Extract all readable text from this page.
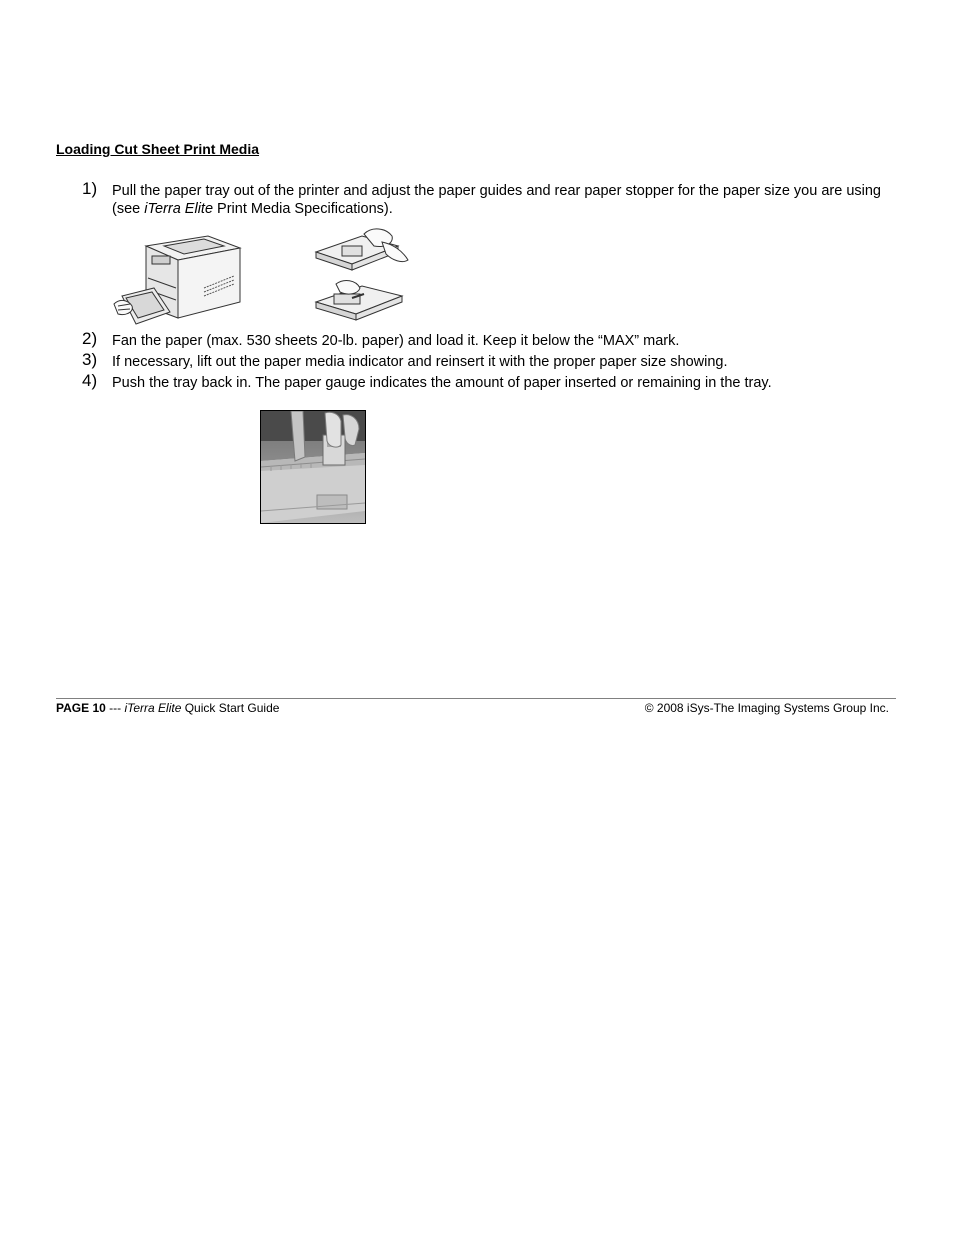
Loading Cut Sheet Print Media
1) Pull the paper tray out of the printer and adjust the paper guides and rear paper stopper for the paper size you are using (see iTerra Elite Print Media Specifications).
2) Fan the paper (max. 530 sheets 20-lb. paper) and load it. Keep it below the “MAX” mark.
3) If necessary, lift out the paper media indicator and reinsert it with the proper paper size showing.
4) Push the tray back in. The paper gauge indicates the amount of paper inserted or remaining in the tray.
PAGE 10 --- iTerra Elite Quick Start Guide	© 2008 iSys-The Imaging Systems Group Inc.
